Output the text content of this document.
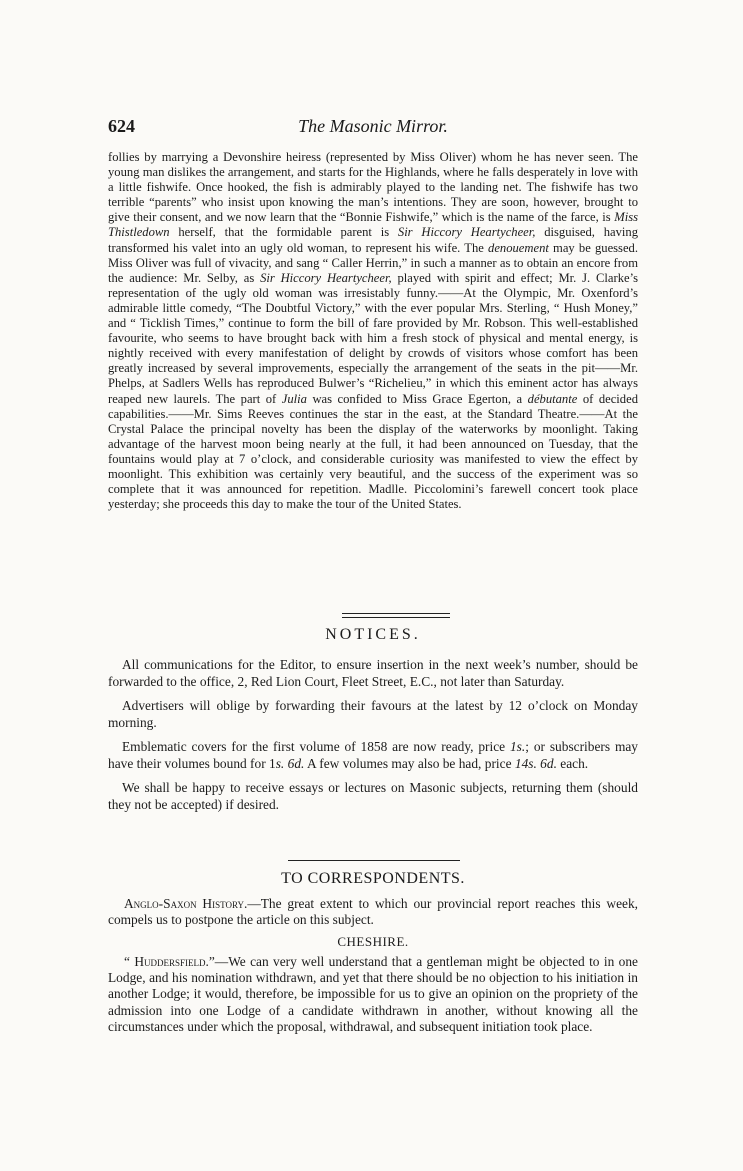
624	The Masonic Mirror.

follies by marrying a Devonshire heiress (represented by Miss Oliver) whom he has never seen. The young man dislikes the arrangement, and starts for the Highlands, where he falls desperately in love with a little fishwife. Once hooked, the fish is admirably played to the landing net. The fishwife has two terrible “parents” who insist upon knowing the man’s intentions. They are soon, however, brought to give their consent, and we now learn that the “Bonnie Fishwife,” which is the name of the farce, is Miss Thistledown herself, that the formidable parent is Sir Hiccory Heartycheer, disguised, having transformed his valet into an ugly old woman, to represent his wife. The denouement may be guessed. Miss Oliver was full of vivacity, and sang “ Caller Herrin,” in such a manner as to obtain an encore from the audience: Mr. Selby, as Sir Hiccory Heartycheer, played with spirit and effect; Mr. J. Clarke’s representation of the ugly old woman was irresistably funny.——At the Olympic, Mr. Oxenford’s admirable little comedy, “The Doubtful Victory,” with the ever popular Mrs. Sterling, “ Hush Money,” and “ Ticklish Times,” continue to form the bill of fare provided by Mr. Robson. This well-established favourite, who seems to have brought back with him a fresh stock of physical and mental energy, is nightly received with every manifestation of delight by crowds of visitors whose comfort has been greatly increased by several improvements, especially the arrangement of the seats in the pit——Mr. Phelps, at Sadlers Wells has reproduced Bulwer’s “Richelieu,” in which this eminent actor has always reaped new laurels. The part of Julia was confided to Miss Grace Egerton, a débutante of decided capabilities.——Mr. Sims Reeves continues the star in the east, at the Standard Theatre.——At the Crystal Palace the principal novelty has been the display of the waterworks by moonlight. Taking advantage of the harvest moon being nearly at the full, it had been announced on Tuesday, that the fountains would play at 7 o’clock, and considerable curiosity was manifested to view the effect by moonlight. This exhibition was certainly very beautiful, and the success of the experiment was so complete that it was announced for repetition. Madlle. Piccolomini’s farewell concert took place yesterday; she proceeds this day to make the tour of the United States.

NOTICES.

All communications for the Editor, to ensure insertion in the next week’s number, should be forwarded to the office, 2, Red Lion Court, Fleet Street, E.C., not later than Saturday.

Advertisers will oblige by forwarding their favours at the latest by 12 o’clock on Monday morning.

Emblematic covers for the first volume of 1858 are now ready, price 1s.; or subscribers may have their volumes bound for 1s. 6d. A few volumes may also be had, price 14s. 6d. each.

We shall be happy to receive essays or lectures on Masonic subjects, returning them (should they not be accepted) if desired.

TO CORRESPONDENTS.

Anglo-Saxon History.—The great extent to which our provincial report reaches this week, compels us to postpone the article on this subject.

CHESHIRE.

“ Huddersfield.”—We can very well understand that a gentleman might be objected to in one Lodge, and his nomination withdrawn, and yet that there should be no objection to his initiation in another Lodge; it would, therefore, be impossible for us to give an opinion on the propriety of the admission into one Lodge of a candidate withdrawn in another, without knowing all the circumstances under which the proposal, withdrawal, and subsequent initiation took place.
